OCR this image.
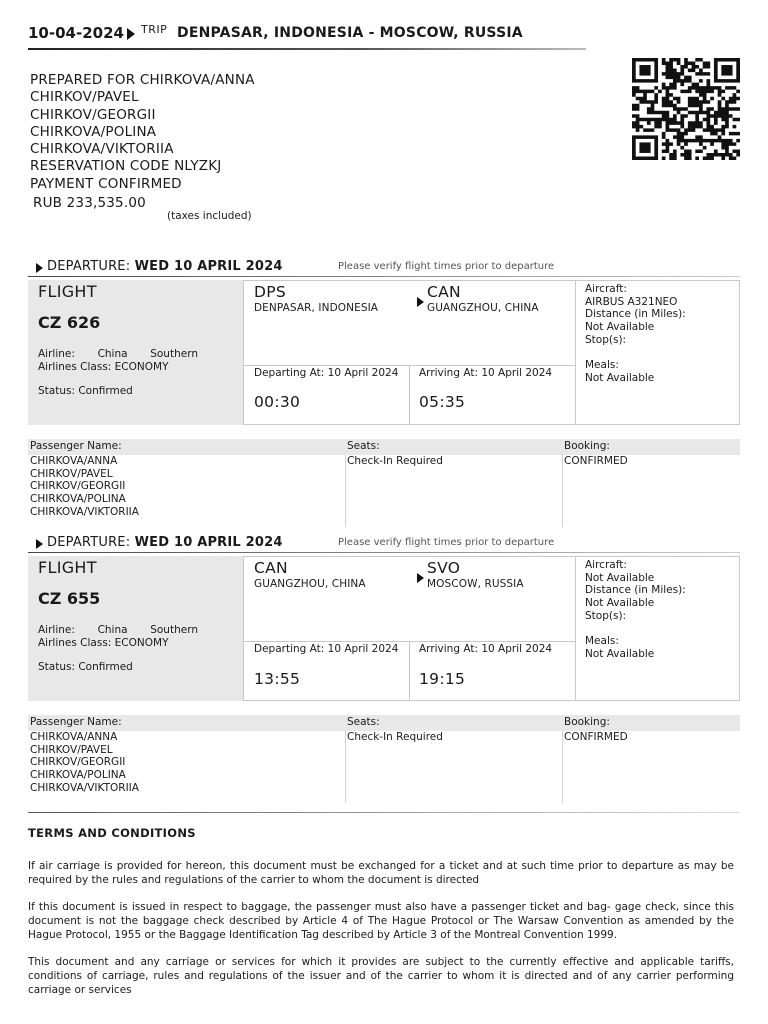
10-04-2024 TRIP DENPASAR, INDONESIA - MOSCOW, RUSSIA
PREPARED FOR CHIRKOVA/ANNA
CHIRKOV/PAVEL
CHIRKOV/GEORGII
CHIRKOVA/POLINA
CHIRKOVA/VIKTORIIA
RESERVATION CODE NLYZKJ
PAYMENT CONFIRMED
RUB 233,535.00
(taxes included)
DEPARTURE: WED 10 APRIL 2024	Please verify flight times prior to departure
FLIGHT
CZ 626
Airline: China Southern
Airlines Class: ECONOMY
Status: Confirmed
DPS
DENPASAR, INDONESIA
CAN
GUANGZHOU, CHINA
Departing At: 10 April 2024
00:30
Arriving At: 10 April 2024
05:35
Aircraft:
AIRBUS A321NEO
Distance (in Miles):
Not Available
Stop(s):
Meals:
Not Available
Passenger Name:	Seats:	Booking:
CHIRKOVA/ANNA
CHIRKOV/PAVEL
CHIRKOV/GEORGII
CHIRKOVA/POLINA
CHIRKOVA/VIKTORIIA
Check-In Required	CONFIRMED
DEPARTURE: WED 10 APRIL 2024	Please verify flight times prior to departure
FLIGHT
CZ 655
Airline: China Southern
Airlines Class: ECONOMY
Status: Confirmed
CAN
GUANGZHOU, CHINA
SVO
MOSCOW, RUSSIA
Departing At: 10 April 2024
13:55
Arriving At: 10 April 2024
19:15
Aircraft:
Not Available
Distance (in Miles):
Not Available
Stop(s):
Meals:
Not Available
Passenger Name:	Seats:	Booking:
CHIRKOVA/ANNA
CHIRKOV/PAVEL
CHIRKOV/GEORGII
CHIRKOVA/POLINA
CHIRKOVA/VIKTORIIA
Check-In Required	CONFIRMED
TERMS AND CONDITIONS
If air carriage is provided for hereon, this document must be exchanged for a ticket and at such time prior to departure as may be required by the rules and regulations of the carrier to whom the document is directed
If this document is issued in respect to baggage, the passenger must also have a passenger ticket and bag- gage check, since this document is not the baggage check described by Article 4 of The Hague Protocol or The Warsaw Convention as amended by the Hague Protocol, 1955 or the Baggage Identification Tag described by Article 3 of the Montreal Convention 1999.
This document and any carriage or services for which it provides are subject to the currently effective and applicable tariffs, conditions of carriage, rules and regulations of the issuer and of the carrier to whom it is directed and of any carrier performing carriage or services
